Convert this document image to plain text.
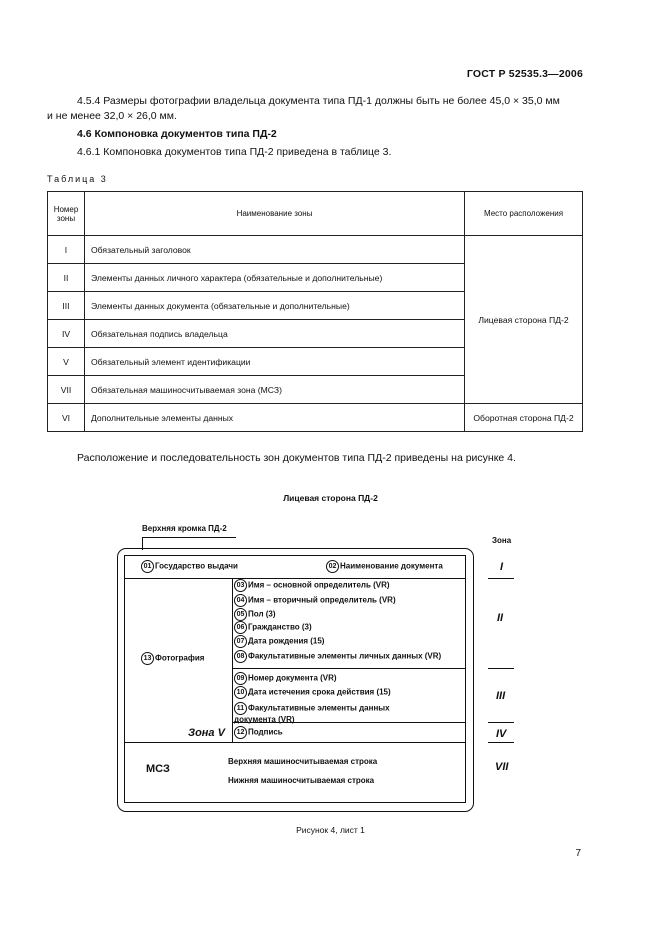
ГОСТ Р 52535.3—2006
4.5.4 Размеры фотографии владельца документа типа ПД-1 должны быть не более 45,0 × 35,0 мм
и не менее 32,0 × 26,0 мм.
4.6 Компоновка документов типа ПД-2
4.6.1 Компоновка документов типа ПД-2 приведена в таблице 3.
Таблица 3
Номер зоны	Наименование зоны	Место расположения
I	Обязательный заголовок	Лицевая сторона ПД-2
II	Элементы данных личного характера (обязательные и дополнительные)	
III	Элементы данных документа (обязательные и дополнительные)	
IV	Обязательная подпись владельца	
V	Обязательный элемент идентификации	
VII	Обязательная машиносчитываемая зона (МСЗ)	
VI	Дополнительные элементы данных	Оборотная сторона ПД-2
Расположение и последовательность зон документов типа ПД-2 приведены на рисунке 4.
Лицевая сторона ПД-2
Верхняя кромка ПД-2
Зона
01 Государство выдачи	02 Наименование документа
13 Фотография
03 Имя – основной определитель (VR)
04 Имя – вторичный определитель (VR)
05 Пол (3)
06 Гражданство (3)
07 Дата рождения (15)
08 Факультативные элементы личных данных (VR)
09 Номер документа (VR)
10 Дата истечения срока действия (15)
11 Факультативные элементы данных документа (VR)
Зона V	12 Подпись
МСЗ
Верхняя машиносчитываемая строка
Нижняя машиносчитываемая строка
I
II
III
IV
VII
Рисунок 4, лист 1
7
